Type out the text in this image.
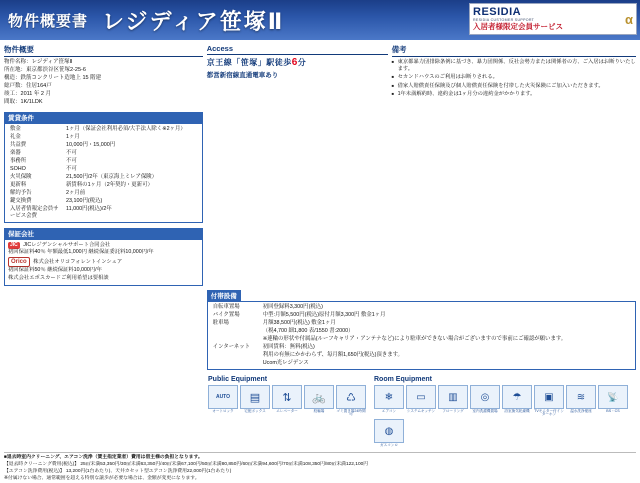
物件概要書 レジディア笹塚Ⅱ	RESIDIA
RESIDIA CUSTOMER SUPPORT
入居者様限定会員サービス	α
物件概要
物件名称：レジディア笹塚Ⅱ
所在地：東京都渋谷区笹塚2-25-6
構造：鉄筋コンクリート造地上 15 階建
総戸数：住居164戸
竣工：2011 年 2 月
間取：1K/1LDK
賃貸条件
敷金	1ヶ月（保証会社利用必須/大手法人除く※2ヶ月）
礼金	1ヶ月
共益費	10,000円・15,000円
楽器	不可
事務所	不可
SOHO	不可
火災保険	21,500円/2年（東京海上ミレア保険）
更新料	新賃料の1ヶ月（2年契約・更新可）
解約予告	2ヶ月前
鍵交換費	23,100円(税込)
入居者情報定会員サービス会費	11,000円(税込)/2年
保証会社
JIC JICレジデンシャルサポート合同会社
初回保証料40％ 年額最低1,000円 継続保証委託料10,000円/年
Orico 株式会社オリコフォレントインシュア
初回保証料50％ 継続保証料10,000円/年
株式会社エポスカードご利用希望は要相談
Access
京王線「笹塚」駅徒歩6分
都営新宿線直通電車あり
備考
■ 東京都暴力団排除条例に基づき、暴力団関係、反社会勢力または関係者の方、ご入居はお断りいたします。
■ セカンドハウスのご利用はお断りされる。
■ 借家人賠償責任保険及び個人賠償責任保険を付帯した火災保険にご加入いただきます。
■ 1年未満解約時、違約金は1ヶ月分の違約金がかかります。
付帯設備
自転車置場	初回登録料3,300円(税込)
バイク置場	中型:月額5,500円(税込)原付月額3,300円 敷金1ヶ月
駐車場	月額38,500円(税込) 敷金1ヶ月
	（税4,700 細1,800 表/1550 書:2000）
	※連輪の形状や付属品(ルーフキャリア・アンテナなど)により駐車ができない場合がございますので事前にご確認が願います。
インターネット	初回賃料：無料(税込)
	利用の有無にかかわらず、毎月額1,650円(税込)頂きます。
	Ucom光レジデンス
Public Equipment
AUTO
オートロック
▤
宅配ボックス
⇅
エレベーター
🚲
駐輪場
♺
ゴミ置き場24時間可
Room Equipment
❄
エアコン
▭
システムキッチン
▥
フローリング
◎
室内洗濯機置場
☂
浴室換気乾燥機
▣
TVモニター付インターホン
≋
温水洗浄便座
📡
BS・CS
◍
ガスコンロ
■退去時室内クリーニング、エアコン洗浄（賃主指定業者）費用は借主様の負担となります。
【退去時クリーニング費用(税込)】 25㎡未満53,350円/30㎡未満63,350円/40㎡未満67,100円/50㎡未満80,850円/60㎡未満94,600円/70㎡未満108,350円/80㎡未満122,100円
【エアコン洗浄費用(税込)】 13,200円(1台あたり)、天井カセット型エアコン洗浄費用22,000円(1台あたり)
※付属けない場合、通常範囲を超える特別な譲歩が必要な場合は、金額が変更になります。
